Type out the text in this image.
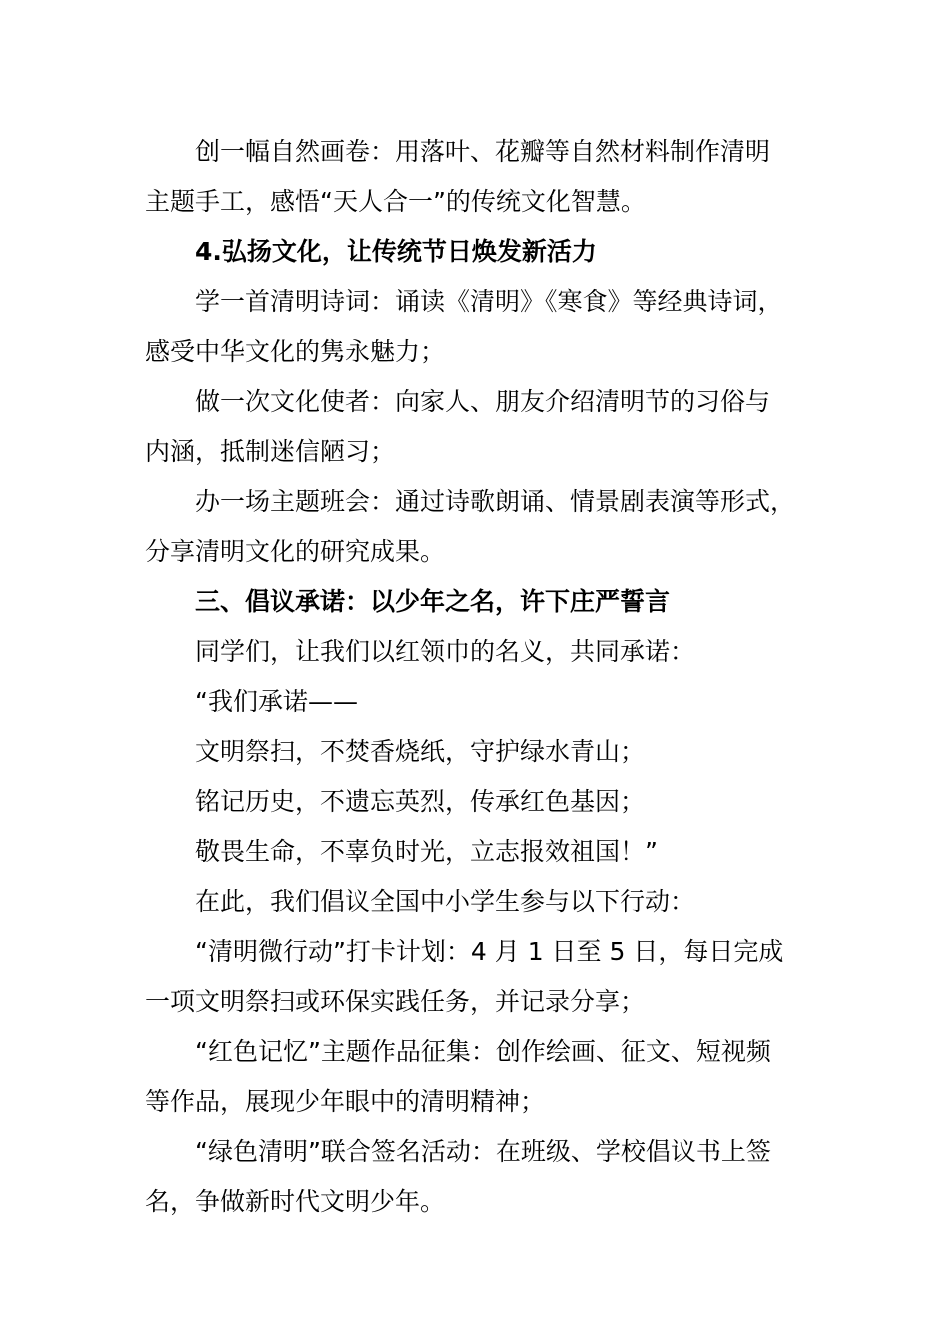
创一幅自然画卷：用落叶、花瓣等自然材料制作清明
主题手工，感悟“天人合一”的传统文化智慧。

4.弘扬文化，让传统节日焕发新活力

学一首清明诗词：诵读《清明》《寒食》等经典诗词，
感受中华文化的隽永魅力；

做一次文化使者：向家人、朋友介绍清明节的习俗与
内涵，抵制迷信陋习；

办一场主题班会：通过诗歌朗诵、情景剧表演等形式，
分享清明文化的研究成果。

三、倡议承诺：以少年之名，许下庄严誓言

同学们，让我们以红领巾的名义，共同承诺：

“我们承诺——

文明祭扫，不焚香烧纸，守护绿水青山；

铭记历史，不遗忘英烈，传承红色基因；

敬畏生命，不辜负时光，立志报效祖国！”

在此，我们倡议全国中小学生参与以下行动：

“清明微行动”打卡计划：4 月 1 日至 5 日，每日完成
一项文明祭扫或环保实践任务，并记录分享；

“红色记忆”主题作品征集：创作绘画、征文、短视频
等作品，展现少年眼中的清明精神；

“绿色清明”联合签名活动：在班级、学校倡议书上签
名，争做新时代文明少年。
